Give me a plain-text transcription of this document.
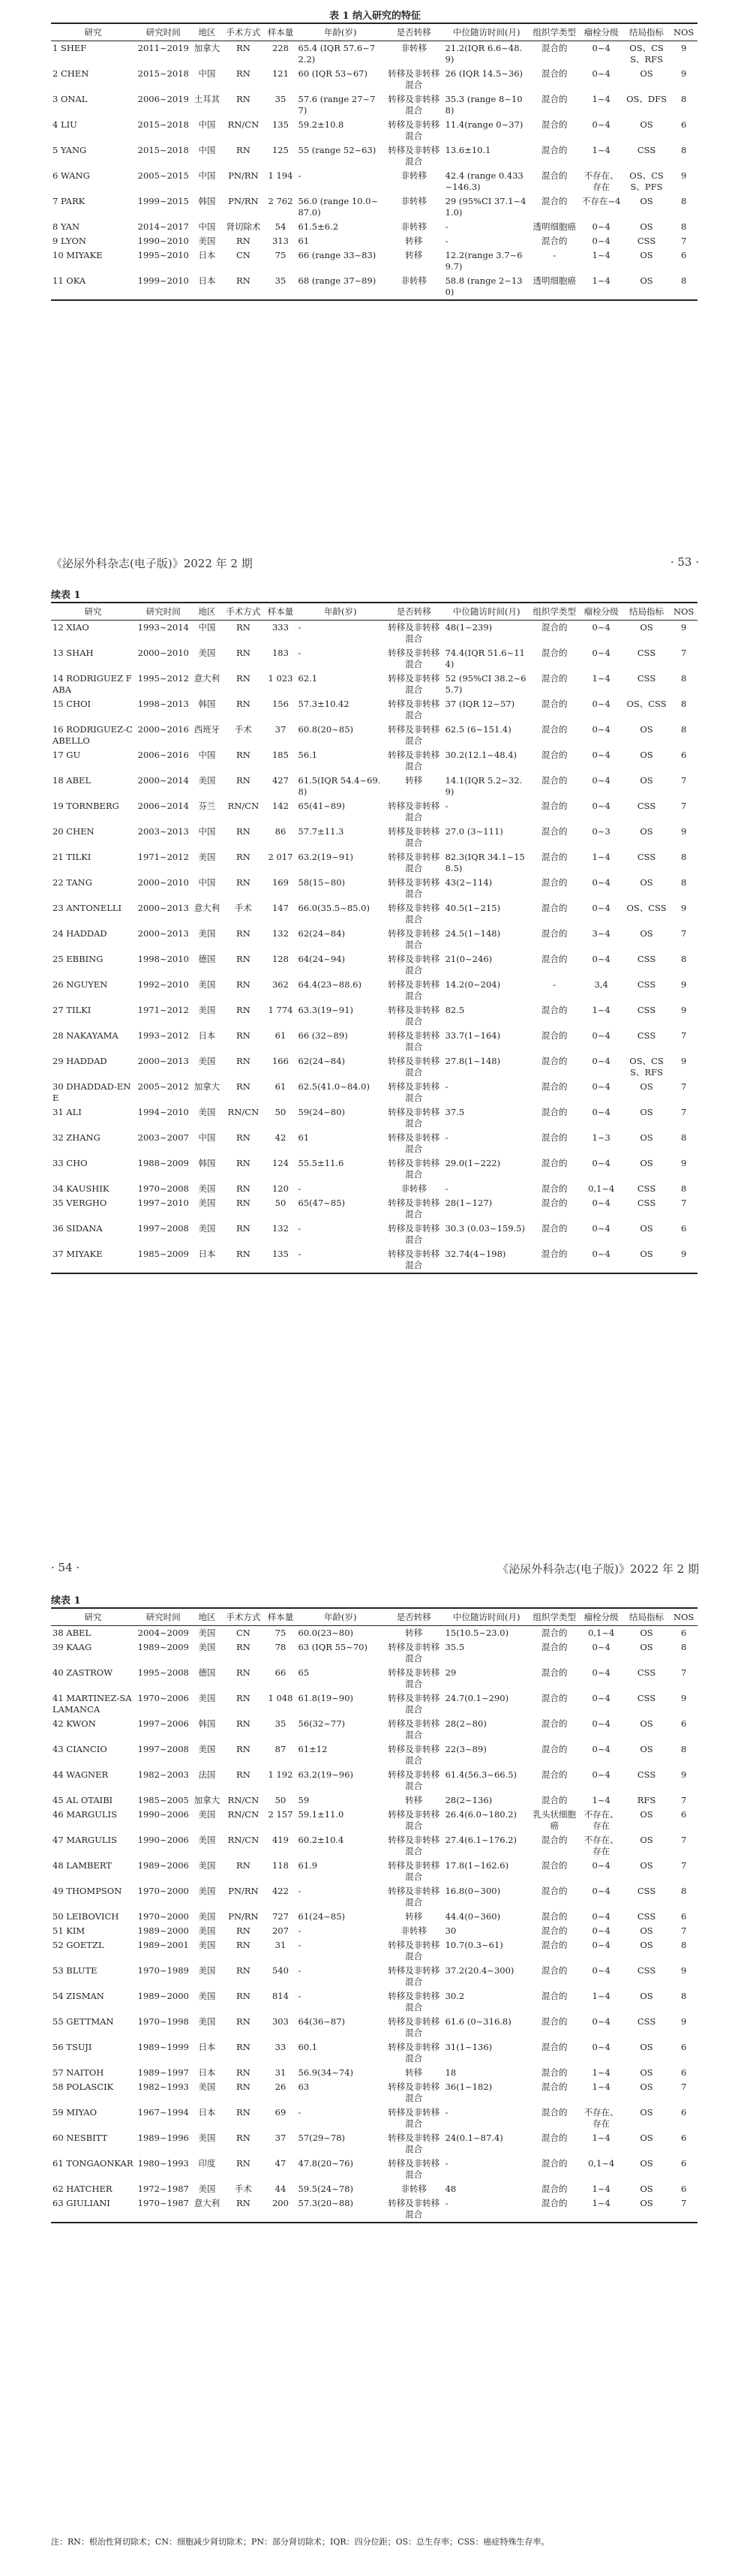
表 1 纳入研究的特征
研究	研究时间	地区	手术方式	样本量	年龄(岁)	是否转移	中位随访时间(月)	组织学类型	瘤栓分级	结局指标	NOS
1 SHEF	2011~2019	加拿大	RN	228	65.4 (IQR 57.6~72.2)	非转移	21.2(IQR 6.6~48.9)	混合的	0~4	OS、CSS、RFS	9
2 CHEN	2015~2018	中国	RN	121	60 (IQR 53~67)	转移及非转移混合	26 (IQR 14.5~36)	混合的	0~4	OS	9
3 ONAL	2006~2019	土耳其	RN	35	57.6 (range 27~77)	转移及非转移混合	35.3 (range 8~108)	混合的	1~4	OS、DFS	8
4 LIU	2015~2018	中国	RN/CN	135	59.2±10.8	转移及非转移混合	11.4(range 0~37)	混合的	0~4	OS	6
5 YANG	2015~2018	中国	RN	125	55 (range 52~63)	转移及非转移混合	13.6±10.1	混合的	1~4	CSS	8
6 WANG	2005~2015	中国	PN/RN	1 194	-	非转移	42.4 (range 0.433~146.3)	混合的	不存在、存在	OS、CSS、PFS	9
7 PARK	1999~2015	韩国	PN/RN	2 762	56.0 (range 10.0~87.0)	非转移	29 (95%CI 37.1~41.0)	混合的	不存在~4	OS	8
8 YAN	2014~2017	中国	肾切除术	54	61.5±6.2	非转移	-	透明细胞癌	0~4	OS	8
9 LYON	1990~2010	美国	RN	313	61	转移	-	混合的	0~4	CSS	7
10 MIYAKE	1995~2010	日本	CN	75	66 (range 33~83)	转移	12.2(range 3.7~69.7)	-	1~4	OS	6
11 OKA	1999~2010	日本	RN	35	68 (range 37~89)	非转移	58.8 (range 2~130)	透明细胞癌	1~4	OS	8
《泌尿外科杂志(电子版)》2022 年 2 期	· 53 ·
续表 1
研究	研究时间	地区	手术方式	样本量	年龄(岁)	是否转移	中位随访时间(月)	组织学类型	瘤栓分级	结局指标	NOS
12 XIAO	1993~2014	中国	RN	333	-	转移及非转移混合	48(1~239)	混合的	0~4	OS	9
13 SHAH	2000~2010	美国	RN	183	-	转移及非转移混合	74.4(IQR 51.6~114)	混合的	0~4	CSS	7
14 RODRIGUEZ FABA	1995~2012	意大利	RN	1 023	62.1	转移及非转移混合	52 (95%CI 38.2~65.7)	混合的	1~4	CSS	8
15 CHOI	1998~2013	韩国	RN	156	57.3±10.42	转移及非转移混合	37 (IQR 12~57)	混合的	0~4	OS、CSS	8
16 RODRIGUEZ-CABELLO	2000~2016	西班牙	手术	37	60.8(20~85)	转移及非转移混合	62.5 (6~151.4)	混合的	0~4	OS	8
17 GU	2006~2016	中国	RN	185	56.1	转移及非转移混合	30.2(12.1~48.4)	混合的	0~4	OS	6
18 ABEL	2000~2014	美国	RN	427	61.5(IQR 54.4~69.8)	转移	14.1(IQR 5.2~32.9)	混合的	0~4	OS	7
19 TORNBERG	2006~2014	芬兰	RN/CN	142	65(41~89)	转移及非转移混合	-	混合的	0~4	CSS	7
20 CHEN	2003~2013	中国	RN	86	57.7±11.3	转移及非转移混合	27.0 (3~111)	混合的	0~3	OS	9
21 TILKI	1971~2012	美国	RN	2 017	63.2(19~91)	转移及非转移混合	82.3(IQR 34.1~158.5)	混合的	1~4	CSS	8
22 TANG	2000~2010	中国	RN	169	58(15~80)	转移及非转移混合	43(2~114)	混合的	0~4	OS	8
23 ANTONELLI	2000~2013	意大利	手术	147	66.0(35.5~85.0)	转移及非转移混合	40.5(1~215)	混合的	0~4	OS、CSS	9
24 HADDAD	2000~2013	美国	RN	132	62(24~84)	转移及非转移混合	24.5(1~148)	混合的	3~4	OS	7
25 EBBING	1998~2010	德国	RN	128	64(24~94)	转移及非转移混合	21(0~246)	混合的	0~4	CSS	8
26 NGUYEN	1992~2010	美国	RN	362	64.4(23~88.6)	转移及非转移混合	14.2(0~204)	-	3,4	CSS	9
27 TILKI	1971~2012	美国	RN	1 774	63.3(19~91)	转移及非转移混合	82.5	混合的	1~4	CSS	9
28 NAKAYAMA	1993~2012	日本	RN	61	66 (32~89)	转移及非转移混合	33.7(1~164)	混合的	0~4	CSS	7
29 HADDAD	2000~2013	美国	RN	166	62(24~84)	转移及非转移混合	27.8(1~148)	混合的	0~4	OS、CSS、RFS	9
30 DHADDAD-ENE	2005~2012	加拿大	RN	61	62.5(41.0~84.0)	转移及非转移混合	-	混合的	0~4	OS	7
31 ALI	1994~2010	美国	RN/CN	50	59(24~80)	转移及非转移混合	37.5	混合的	0~4	OS	7
32 ZHANG	2003~2007	中国	RN	42	61	转移及非转移混合	-	混合的	1~3	OS	8
33 CHO	1988~2009	韩国	RN	124	55.5±11.6	转移及非转移混合	29.0(1~222)	混合的	0~4	OS	9
34 KAUSHIK	1970~2008	美国	RN	120	-	非转移	-	混合的	0,1~4	CSS	8
35 VERGHO	1997~2010	美国	RN	50	65(47~85)	转移及非转移混合	28(1~127)	混合的	0~4	CSS	7
36 SIDANA	1997~2008	美国	RN	132	-	转移及非转移混合	30.3 (0.03~159.5)	混合的	0~4	OS	6
37 MIYAKE	1985~2009	日本	RN	135	-	转移及非转移混合	32.74(4~198)	混合的	0~4	OS	9
· 54 ·	《泌尿外科杂志(电子版)》2022 年 2 期
续表 1
研究	研究时间	地区	手术方式	样本量	年龄(岁)	是否转移	中位随访时间(月)	组织学类型	瘤栓分级	结局指标	NOS
38 ABEL	2004~2009	美国	CN	75	60.0(23~80)	转移	15(10.5~23.0)	混合的	0,1~4	OS	6
39 KAAG	1989~2009	美国	RN	78	63 (IQR 55~70)	转移及非转移混合	35.5	混合的	0~4	OS	8
40 ZASTROW	1995~2008	德国	RN	66	65	转移及非转移混合	29	混合的	0~4	CSS	7
41 MARTINEZ-SALAMANCA	1970~2006	美国	RN	1 048	61.8(19~90)	转移及非转移混合	24.7(0.1~290)	混合的	0~4	CSS	9
42 KWON	1997~2006	韩国	RN	35	56(32~77)	转移及非转移混合	28(2~80)	混合的	0~4	OS	6
43 CIANCIO	1997~2008	美国	RN	87	61±12	转移及非转移混合	22(3~89)	混合的	0~4	OS	8
44 WAGNER	1982~2003	法国	RN	1 192	63.2(19~96)	转移及非转移混合	61.4(56.3~66.5)	混合的	0~4	CSS	9
45 AL OTAIBI	1985~2005	加拿大	RN/CN	50	59	转移	28(2~136)	混合的	1~4	RFS	7
46 MARGULIS	1990~2006	美国	RN/CN	2 157	59.1±11.0	转移及非转移混合	26.4(6.0~180.2)	乳头状细胞癌	不存在、存在	OS	6
47 MARGULIS	1990~2006	美国	RN/CN	419	60.2±10.4	转移及非转移混合	27.4(6.1~176.2)	混合的	不存在、存在	OS	7
48 LAMBERT	1989~2006	美国	RN	118	61.9	转移及非转移混合	17.8(1~162.6)	混合的	0~4	OS	7
49 THOMPSON	1970~2000	美国	PN/RN	422	-	转移及非转移混合	16.8(0~300)	混合的	0~4	CSS	8
50 LEIBOVICH	1970~2000	美国	PN/RN	727	61(24~85)	转移	44.4(0~360)	混合的	0~4	CSS	6
51 KIM	1989~2000	美国	RN	207	-	非转移	30	混合的	0~4	OS	7
52 GOETZL	1989~2001	美国	RN	31	-	转移及非转移混合	10.7(0.3~61)	混合的	0~4	OS	8
53 BLUTE	1970~1989	美国	RN	540	-	转移及非转移混合	37.2(20.4~300)	混合的	0~4	CSS	9
54 ZISMAN	1989~2000	美国	RN	814	-	转移及非转移混合	30.2	混合的	1~4	OS	8
55 GETTMAN	1970~1998	美国	RN	303	64(36~87)	转移及非转移混合	61.6 (0~316.8)	混合的	0~4	CSS	9
56 TSUJI	1989~1999	日本	RN	33	60.1	转移及非转移混合	31(1~136)	混合的	0~4	OS	6
57 NAITOH	1989~1997	日本	RN	31	56.9(34~74)	转移	18	混合的	1~4	OS	6
58 POLASCIK	1982~1993	美国	RN	26	63	转移及非转移混合	36(1~182)	混合的	1~4	OS	7
59 MIYAO	1967~1994	日本	RN	69	-	转移及非转移混合	-	混合的	不存在、存在	OS	6
60 NESBITT	1989~1996	美国	RN	37	57(29~78)	转移及非转移混合	24(0.1~87.4)	混合的	1~4	OS	6
61 TONGAONKAR	1980~1993	印度	RN	47	47.8(20~76)	转移及非转移混合	-	混合的	0,1~4	OS	6
62 HATCHER	1972~1987	美国	手术	44	59.5(24~78)	非转移	48	混合的	1~4	OS	6
63 GIULIANI	1970~1987	意大利	RN	200	57.3(20~88)	转移及非转移混合	-	混合的	1~4	OS	7
注：RN：根治性肾切除术；CN：细胞减少肾切除术；PN：部分肾切除术；IQR：四分位距；OS：总生存率；CSS：癌症特殊生存率。
